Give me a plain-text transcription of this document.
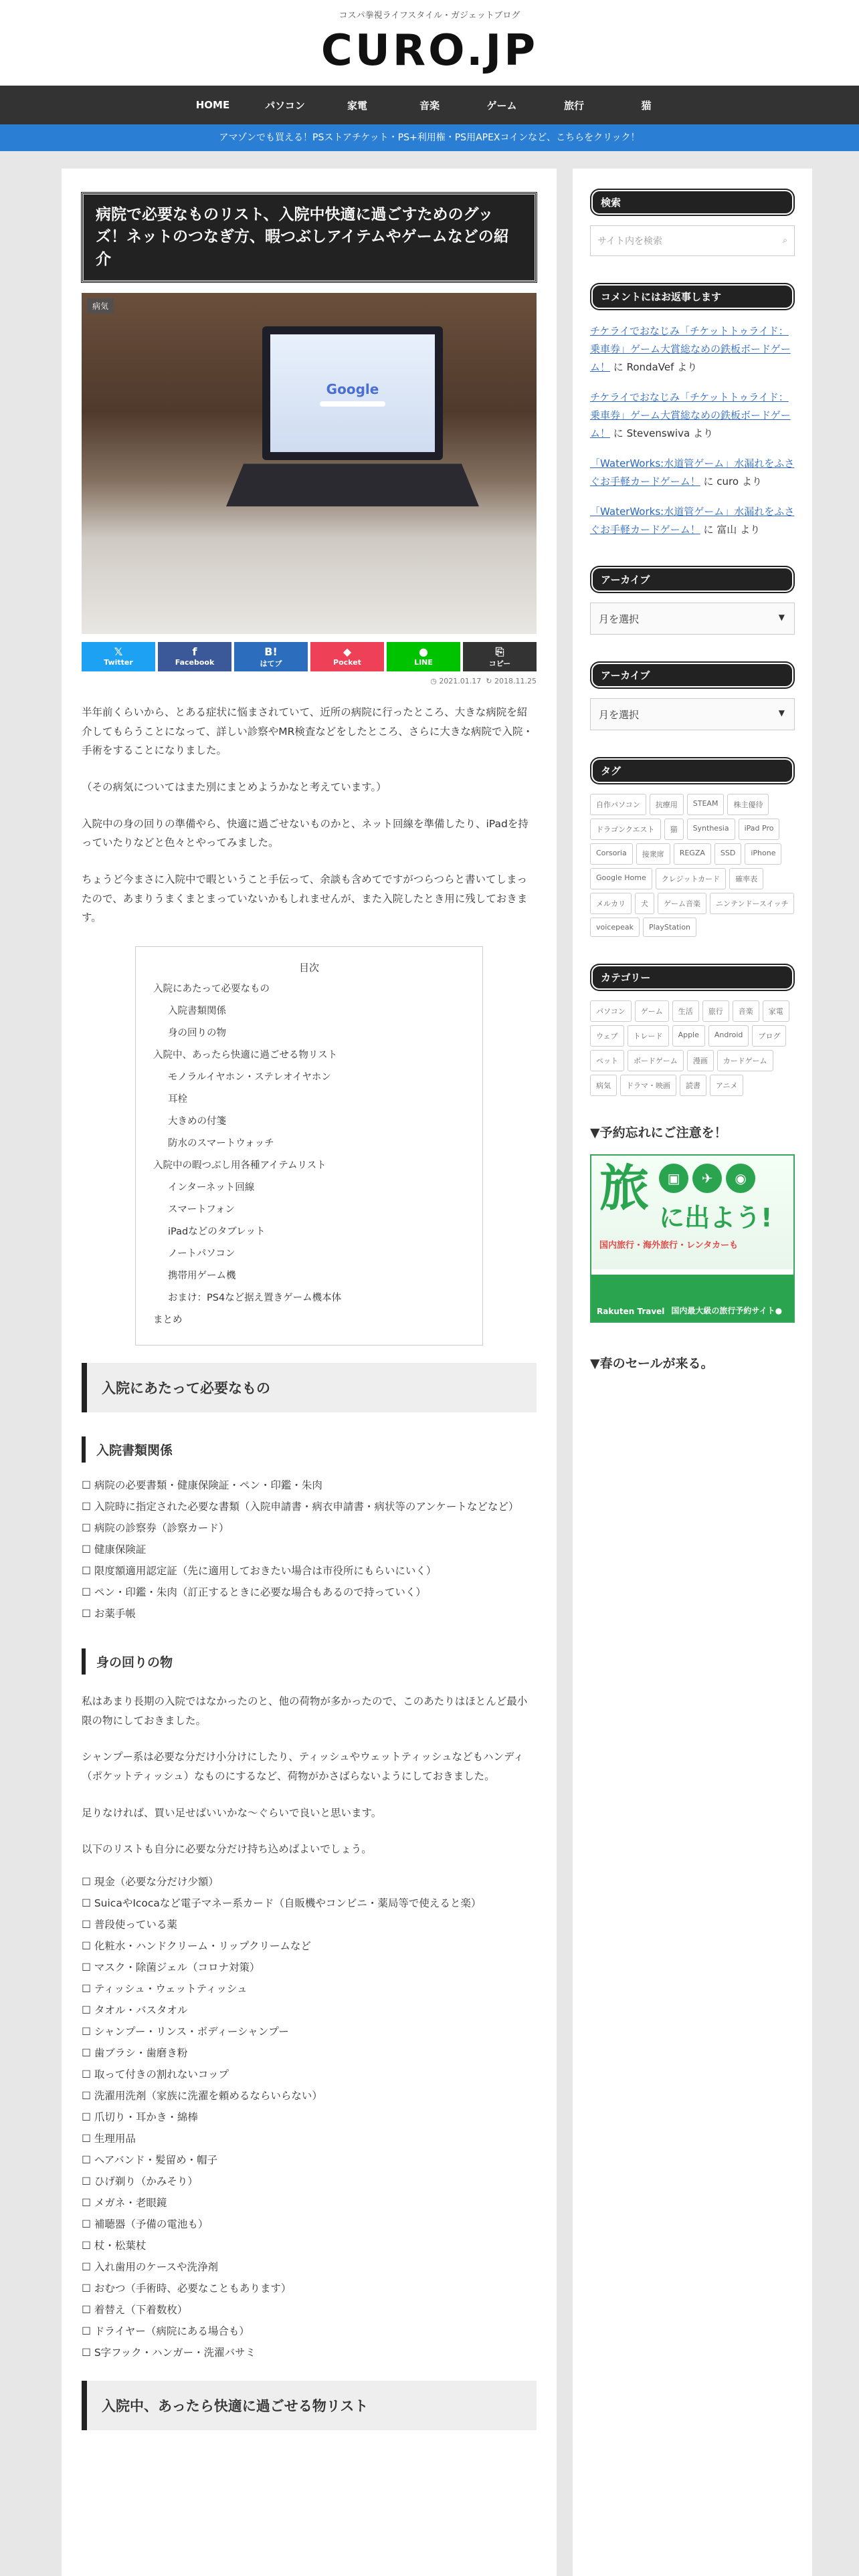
コスパ拳視ライフスタイル・ガジェットブログ
CURO.JP
HOME	パソコン	家電	音楽	ゲーム	旅行	猫
アマゾンでも買える！PSストアチケット・PS+利用権・PS用APEXコインなど、こちらをクリック！
病院で必要なものリスト、入院中快適に過ごすためのグッズ！ネットのつなぎ方、暇つぶしアイテムやゲームなどの紹介
病気
Google
𝕏
Twitter
f
Facebook
B!
はてブ
◆
Pocket
●
LINE
⎘
コピー
◷ 2021.01.17 ↻ 2018.11.25

半年前くらいから、とある症状に悩まされていて、近所の病院に行ったところ、大きな病院を紹介してもらうことになって、詳しい診察やMR検査などをしたところ、さらに大きな病院で入院・手術をすることになりました。

（その病気についてはまた別にまとめようかなと考えています。）

入院中の身の回りの準備やら、快適に過ごせないものかと、ネット回線を準備したり、iPadを持っていたりなどと色々とやってみました。

ちょうど今まさに入院中で暇ということ手伝って、余談も含めてですがつらつらと書いてしまったので、あまりうまくまとまっていないかもしれませんが、また入院したとき用に残しておきます。

目次
入院にあたって必要なもの
入院書類関係
身の回りの物
入院中、あったら快適に過ごせる物リスト
モノラルイヤホン・ステレオイヤホン
耳栓
大きめの付箋
防水のスマートウォッチ
入院中の暇つぶし用各種アイテムリスト
インターネット回線
スマートフォン
iPadなどのタブレット
ノートパソコン
携帯用ゲーム機
おまけ：PS4など据え置きゲーム機本体
まとめ
入院にあたって必要なもの
入院書類関係
☐ 病院の必要書類・健康保険証・ペン・印鑑・朱肉
☐ 入院時に指定された必要な書類（入院申請書・病衣申請書・病状等のアンケートなどなど）
☐ 病院の診察券（診察カード）
☐ 健康保険証
☐ 限度額適用認定証（先に適用しておきたい場合は市役所にもらいにいく）
☐ ペン・印鑑・朱肉（訂正するときに必要な場合もあるので持っていく）
☐ お薬手帳
身の回りの物

私はあまり長期の入院ではなかったのと、他の荷物が多かったので、このあたりはほとんど最小限の物にしておきました。

シャンプー系は必要な分だけ小分けにしたり、ティッシュやウェットティッシュなどもハンディ（ポケットティッシュ）なものにするなど、荷物がかさばらないようにしておきました。

足りなければ、買い足せばいいかな〜ぐらいで良いと思います。

以下のリストも自分に必要な分だけ持ち込めばよいでしょう。

☐ 現金（必要な分だけ少額）
☐ SuicaやIcocaなど電子マネー系カード（自販機やコンビニ・薬局等で使えると楽）
☐ 普段使っている薬
☐ 化粧水・ハンドクリーム・リップクリームなど
☐ マスク・除菌ジェル（コロナ対策）
☐ ティッシュ・ウェットティッシュ
☐ タオル・バスタオル
☐ シャンプー・リンス・ボディーシャンプー
☐ 歯ブラシ・歯磨き粉
☐ 取って付きの割れないコップ
☐ 洗濯用洗剤（家族に洗濯を頼めるならいらない）
☐ 爪切り・耳かき・綿棒
☐ 生理用品
☐ ヘアバンド・髪留め・帽子
☐ ひげ剃り（かみそり）
☐ メガネ・老眼鏡
☐ 補聴器（予備の電池も）
☐ 杖・松葉杖
☐ 入れ歯用のケースや洗浄剤
☐ おむつ（手術時、必要なこともあります）
☐ 着替え（下着数枚）
☐ ドライヤー（病院にある場合も）
☐ S字フック・ハンガー・洗濯バサミ
入院中、あったら快適に過ごせる物リスト
検索
サイト内を検索	⌕
コメントにはお返事します
チケライでおなじみ「チケットトゥライド：乗車券」ゲーム大賞総なめの鉄板ボードゲーム！ に RondaVef より
チケライでおなじみ「チケットトゥライド：乗車券」ゲーム大賞総なめの鉄板ボードゲーム！ に Stevenswiva より
「WaterWorks:水道管ゲーム」水漏れをふさぐお手軽カードゲーム！ に curo より
「WaterWorks:水道管ゲーム」水漏れをふさぐお手軽カードゲーム！ に 富山 より
アーカイブ
月を選択	▼
アーカイブ
月を選択	▼
タグ
自作パソコン	抗療用	STEAM	株主優待
ドラゴンクエスト	猫	Synthesia	iPad Pro
Corsoria	接衆席	REGZA	SSD	iPhone
Google Home	クレジットカード	確率表
メルカリ	犬	ゲーム音楽	ニンテンドースイッチ
voicepeak	PlayStation
カテゴリー
パソコン	ゲーム	生活	旅行	音楽	家電
ウェブ	トレード	Apple	Android	ブログ
ペット	ボードゲーム	漫画	カードゲーム
病気	ドラマ・映画	読書	アニメ
▼予約忘れにご注意を！
旅	▣	✈	◉
に出よう!
国内旅行・海外旅行・レンタカーも
Rakuten Travel 国内最大級の旅行予約サイト●
▼春のセールが来る。
